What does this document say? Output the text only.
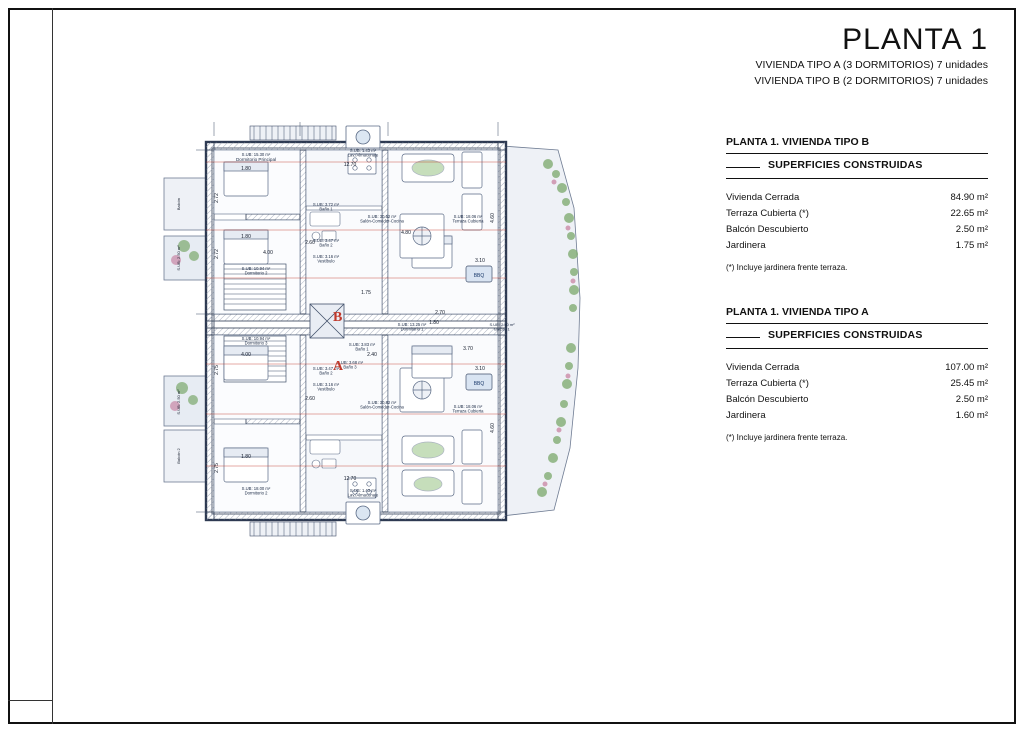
PLANTA 1
VIVIENDA TIPO A (3 DORMITORIOS) 7 unidades
VIVIENDA TIPO B (2 DORMITORIOS) 7 unidades
PLANTA 1. VIVIENDA TIPO B
SUPERFICIES CONSTRUIDAS
Vivienda Cerrada	84.90 m²
Terraza Cubierta (*)	22.65 m²
Balcón Descubierto	2.50 m²
Jardinera	1.75 m²
(*) Incluye jardinera frente terraza.
PLANTA 1. VIVIENDA TIPO A
SUPERFICIES CONSTRUIDAS
Vivienda Cerrada	107.00 m²
Terraza Cubierta (*)	25.45 m²
Balcón Descubierto	2.50 m²
Jardinera	1.60 m²
(*) Incluye jardinera frente terraza.
BBQ
BBQ
S.UB: 15.30 m²
Dormitorio Principal
S.UB: 1.43 m²
Lav./Almacenaje
S.UB: 3.72 m²
Baño 1
S.UB: 30.52 m²
Salón-Comedor-Cocina
S.UB: 18.06 m²
Terraza Cubierta
S.UB: 10.94 m²
Dormitorio 2
S.UB: 3.47 m²
Baño 2
S.UB: 3.16 m²
Vestíbulo
S.UB: 10.94 m²
Dormitorio 3
S.UB: 3.47 m²
Baño 2
S.UB: 3.16 m²
Vestíbulo
S.UB: 3.68 m²
Baño 3
S.UB: 30.92 m²
Salón-Comedor-Cocina
S.UB: 1.43 m²
Lav./Almacenaje
S.UB: 18.00 m²
Dormitorio 2
S.UB: 18.06 m²
Terraza Cubierta
S.UB: 13.25 m²
Dormitorio 1
S.UB: 2.80 m²
Balcón 1
S.UB: 3.83 m²
Baño 1
1.80
1.80
4.00
2.60
12.70
4.80
3.10
2.70
1.80
3.70
4.00
2.60
1.80
12.70
3.10
2.40
1.75
2.72
2.72
2.75
2.75
4.60
4.60
Balcón
S.UB: 2.50 m²
S.UB: 2.50 m²
Balcón 2
B
A
